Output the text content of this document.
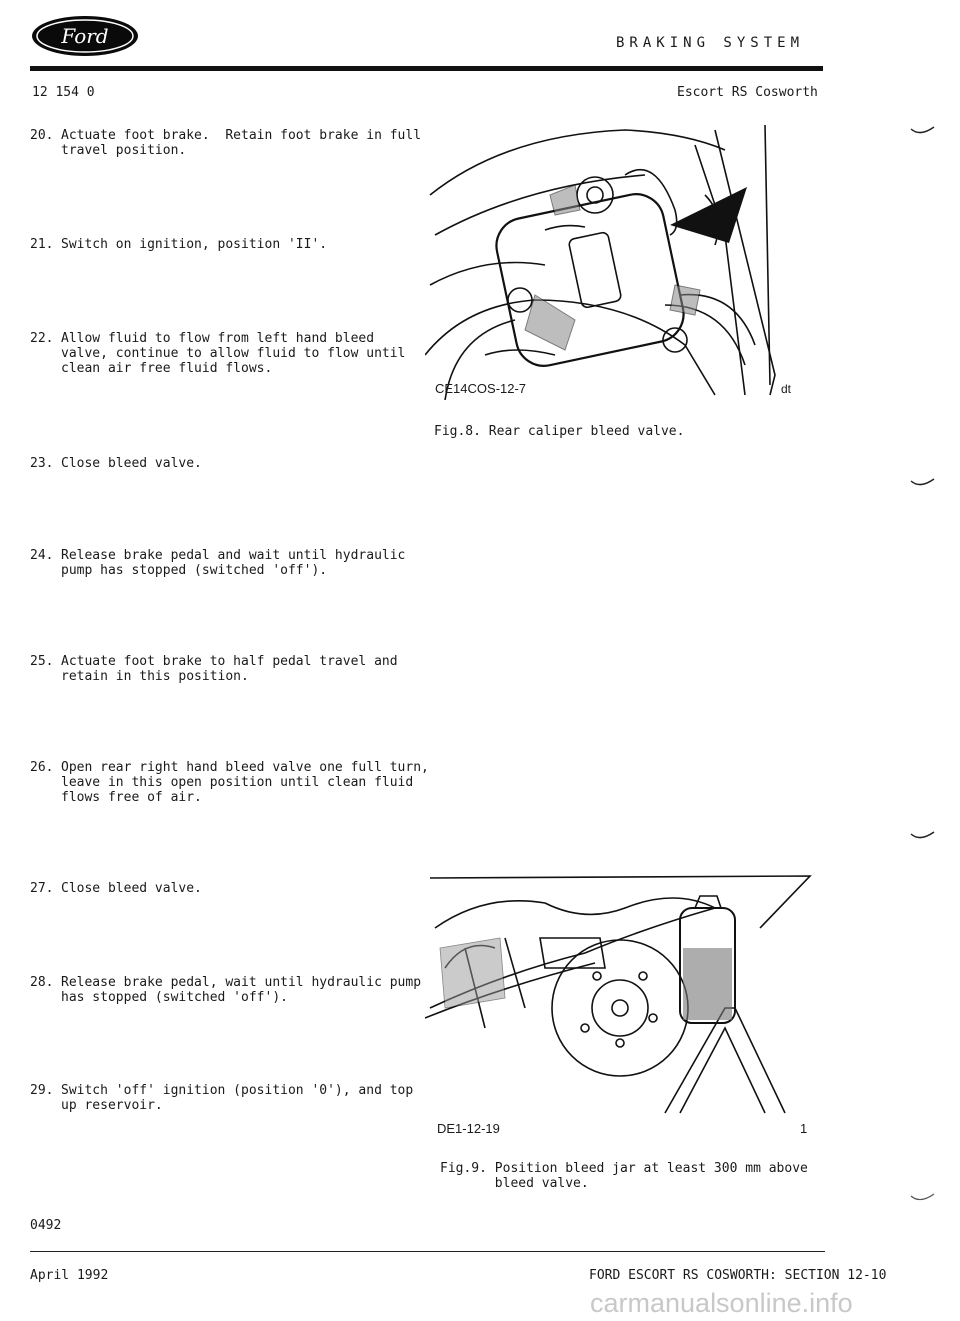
Ford	BRAKING SYSTEM
12 154 0	Escort RS Cosworth
20. Actuate foot brake.  Retain foot brake in full
travel position.
21. Switch on ignition, position 'II'.
22. Allow fluid to flow from left hand bleed
valve, continue to allow fluid to flow until
clean air free fluid flows.
23. Close bleed valve.
24. Release brake pedal and wait until hydraulic
pump has stopped (switched 'off').
25. Actuate foot brake to half pedal travel and
retain in this position.
26. Open rear right hand bleed valve one full turn,
leave in this open position until clean fluid
flows free of air.
27. Close bleed valve.
28. Release brake pedal, wait until hydraulic pump
has stopped (switched 'off').
29. Switch 'off' ignition (position '0'), and top
up reservoir.
CE14COS-12-7	dt
Fig.8. Rear caliper bleed valve.
DE1-12-19	1
Fig.9. Position bleed jar at least 300 mm above
bleed valve.
0492
April 1992	FORD ESCORT RS COSWORTH: SECTION 12-10
carmanualsonline.info
